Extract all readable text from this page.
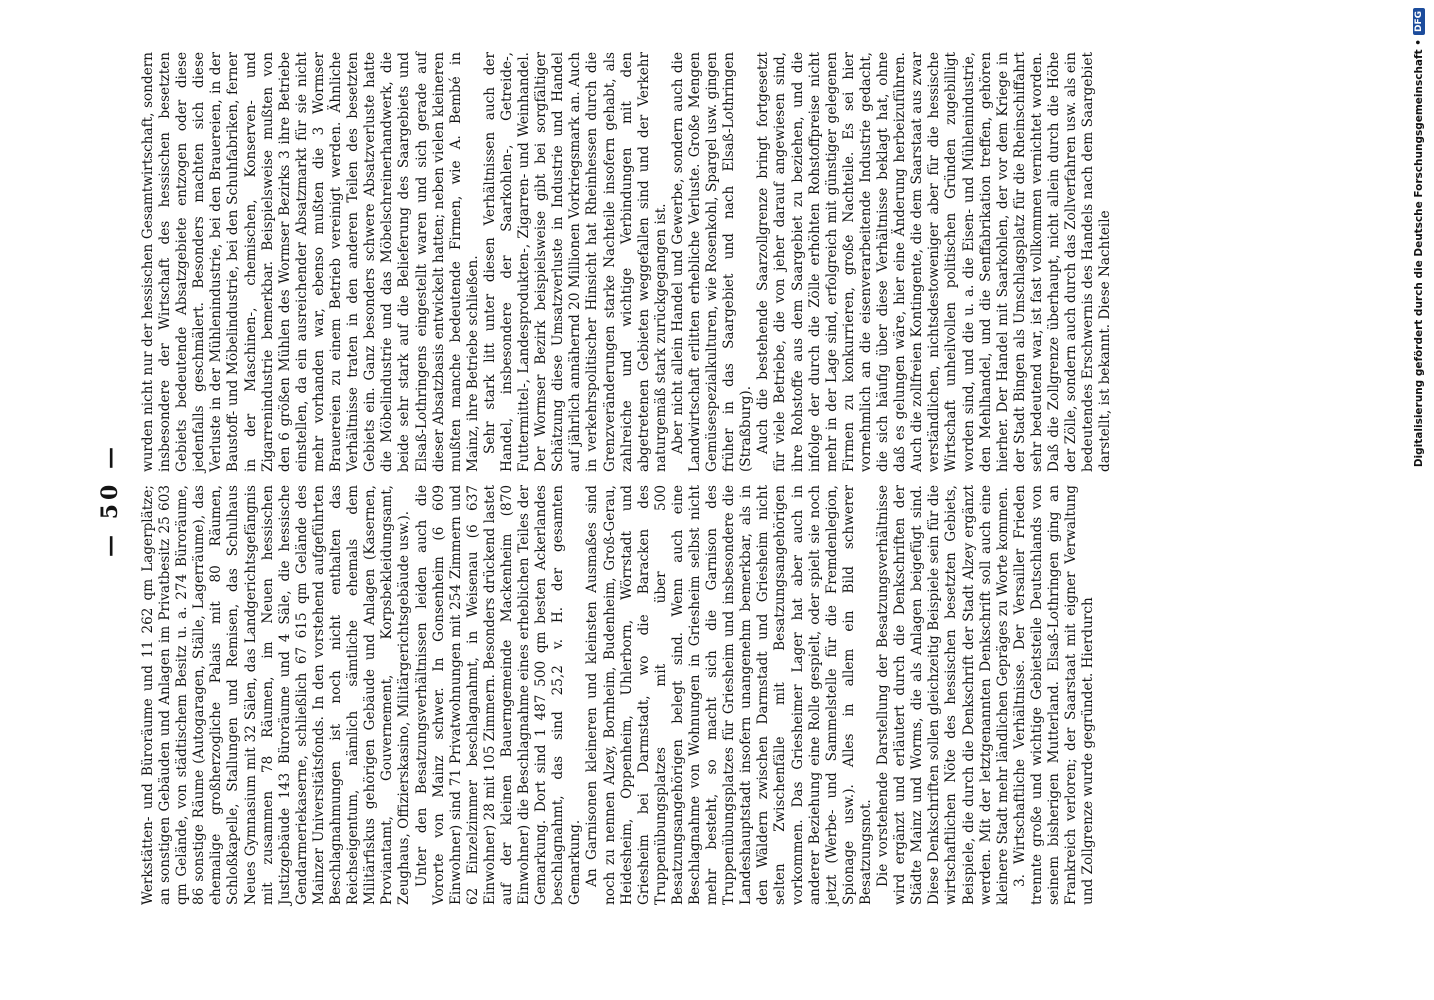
— 50 —	Werkstätten- und Büroräume und 11 262 qm Lagerplätze; an sonstigen Gebäuden und Anlagen im Privatbesitz 25 603 qm Gelände, von städtischem Besitz u. a. 274 Büroräume, 86 sonstige Räume (Autogaragen, Ställe, Lagerräume), das ehemalige großherzogliche Palais mit 80 Räumen, Schloßkapelle, Stallungen und Remisen, das Schulhaus Neues Gymnasium mit 32 Sälen, das Landgerichtsgefängnis mit zusammen 78 Räumen, im Neuen hessischen Justizgebäude 143 Büroräume und 4 Säle, die hessische Gendarmeriekaserne, schließlich 67 615 qm Gelände des Mainzer Universitätsfonds. In den vorstehend aufgeführten Beschlagnahmungen ist noch nicht enthalten das Reichseigentum, nämlich sämtliche ehemals dem Militärfiskus gehörigen Gebäude und Anlagen (Kasernen, Proviantamt, Gouvernement, Korpsbekleidungsamt, Zeughaus, Offizierskasino, Militärgerichtsgebäude usw.). Unter den Besatzungsverhältnissen leiden auch die Vororte von Mainz schwer. In Gonsenheim (6 609 Einwohner) sind 71 Privatwohnungen mit 254 Zimmern und 62 Einzelzimmer beschlagnahmt, in Weisenau (6 637 Einwohner) 28 mit 105 Zimmern. Besonders drückend lastet auf der kleinen Bauerngemeinde Mackenheim (870 Einwohner) die Beschlagnahme eines erheblichen Teiles der Gemarkung. Dort sind 1 487 500 qm besten Ackerlandes beschlagnahmt, das sind 25,2 v. H. der gesamten Gemarkung. An Garnisonen kleineren und kleinsten Ausmaßes sind noch zu nennen Alzey, Bornheim, Budenheim, Groß-Gerau, Heidesheim, Oppenheim, Uhlerborn, Wörrstadt und Griesheim bei Darmstadt, wo die Baracken des Truppenübungsplatzes mit über 500 Besatzungsangehörigen belegt sind. Wenn auch eine Beschlagnahme von Wohnungen in Griesheim selbst nicht mehr besteht, so macht sich die Garnison des Truppenübungsplatzes für Griesheim und insbesondere die Landeshauptstadt insofern unangenehm bemerkbar, als in den Wäldern zwischen Darmstadt und Griesheim nicht selten Zwischenfälle mit Besatzungsangehörigen vorkommen. Das Griesheimer Lager hat aber auch in anderer Beziehung eine Rolle gespielt, oder spielt sie noch jetzt (Werbe- und Sammelstelle für die Fremdenlegion, Spionage usw.). Alles in allem ein Bild schwerer Besatzungsnot. Die vorstehende Darstellung der Besatzungsverhältnisse wird ergänzt und erläutert durch die Denkschriften der Städte Mainz und Worms, die als Anlagen beigefügt sind. Diese Denkschriften sollen gleichzeitig Beispiele sein für die wirtschaftlichen Nöte des hessischen besetzten Gebiets, Beispiele, die durch die Denkschrift der Stadt Alzey ergänzt werden. Mit der letztgenannten Denkschrift soll auch eine kleinere Stadt mehr ländlichen Gepräges zu Worte kommen. 3. Wirtschaftliche Verhältnisse. Der Versailler Frieden trennte große und wichtige Gebietsteile Deutschlands von seinem bisherigen Mutterland. Elsaß-Lothringen ging an Frankreich verloren; der Saarstaat mit eigner Verwaltung und Zollgrenze wurde gegründet. Hierdurch

wurden nicht nur der hessischen Gesamtwirtschaft, sondern insbesondere der Wirtschaft des hessischen besetzten Gebiets bedeutende Absatzgebiete entzogen oder diese jedenfalls geschmälert. Besonders machten sich diese Verluste in der Mühlenindustrie, bei den Brauereien, in der Baustoff- und Möbelindustrie, bei den Schuhfabriken, ferner in der Maschinen-, chemischen, Konserven- und Zigarrenindustrie bemerkbar. Beispielsweise mußten von den 6 größen Mühlen des Wormser Bezirks 3 ihre Betriebe einstellen, da ein ausreichender Absatzmarkt für sie nicht mehr vorhanden war, ebenso mußten die 3 Wormser Brauereien zu einem Betrieb vereinigt werden. Ähnliche Verhältnisse traten in den anderen Teilen des besetzten Gebiets ein. Ganz besonders schwere Absatzverluste hatte die Möbelindustrie und das Möbelschreinerhandwerk, die beide sehr stark auf die Belieferung des Saargebiets und Elsaß-Lothringens eingestellt waren und sich gerade auf dieser Absatzbasis entwickelt hatten; neben vielen kleineren mußten manche bedeutende Firmen, wie A. Bembé in Mainz, ihre Betriebe schließen. Sehr stark litt unter diesen Verhältnissen auch der Handel, insbesondere der Saarkohlen-, Getreide-, Futtermittel-, Landesprodukten-, Zigarren- und Weinhandel. Der Wormser Bezirk beispielsweise gibt bei sorgfältiger Schätzung diese Umsatzverluste in Industrie und Handel auf jährlich annähernd 20 Millionen Vorkriegsmark an. Auch in verkehrspolitischer Hinsicht hat Rheinhessen durch die Grenzveränderungen starke Nachteile insofern gehabt, als zahlreiche und wichtige Verbindungen mit den abgetretenen Gebieten weggefallen sind und der Verkehr naturgemäß stark zurückgegangen ist. Aber nicht allein Handel und Gewerbe, sondern auch die Landwirtschaft erlitten erhebliche Verluste. Große Mengen Gemüsespezialkulturen, wie Rosenkohl, Spargel usw. gingen früher in das Saargebiet und nach Elsaß-Lothringen (Straßburg). Auch die bestehende Saarzollgrenze bringt fortgesetzt für viele Betriebe, die von jeher darauf angewiesen sind, ihre Rohstoffe aus dem Saargebiet zu beziehen, und die infolge der durch die Zölle erhöhten Rohstoffpreise nicht mehr in der Lage sind, erfolgreich mit günstiger gelegenen Firmen zu konkurrieren, große Nachteile. Es sei hier vornehmlich an die eisenverarbeitende Industrie gedacht, die sich häufig über diese Verhältnisse beklagt hat, ohne daß es gelungen wäre, hier eine Änderung herbeizuführen. Auch die zollfreien Kontingente, die dem Saarstaat aus zwar verständlichen, nichtsdestoweniger aber für die hessische Wirtschaft unheilvollen politischen Gründen zugebilligt worden sind, und die u. a. die Eisen- und Mühlenindustrie, den Mehlhandel, und die Senffabrikation treffen, gehören hierher. Der Handel mit Saarkohlen, der vor dem Kriege in der Stadt Bingen als Umschlagsplatz für die Rheinschiffahrt sehr bedeutend war, ist fast vollkommen vernichtet worden. Daß die Zollgrenze überhaupt, nicht allein durch die Höhe der Zölle, sondern auch durch das Zollverfahren usw. als ein bedeutendes Erschwernis des Handels nach dem Saargebiet darstellt, ist bekannt. Diese Nachteile	Digitalisierung gefördert durch die Deutsche Forschungsgemeinschaft •
DFG
